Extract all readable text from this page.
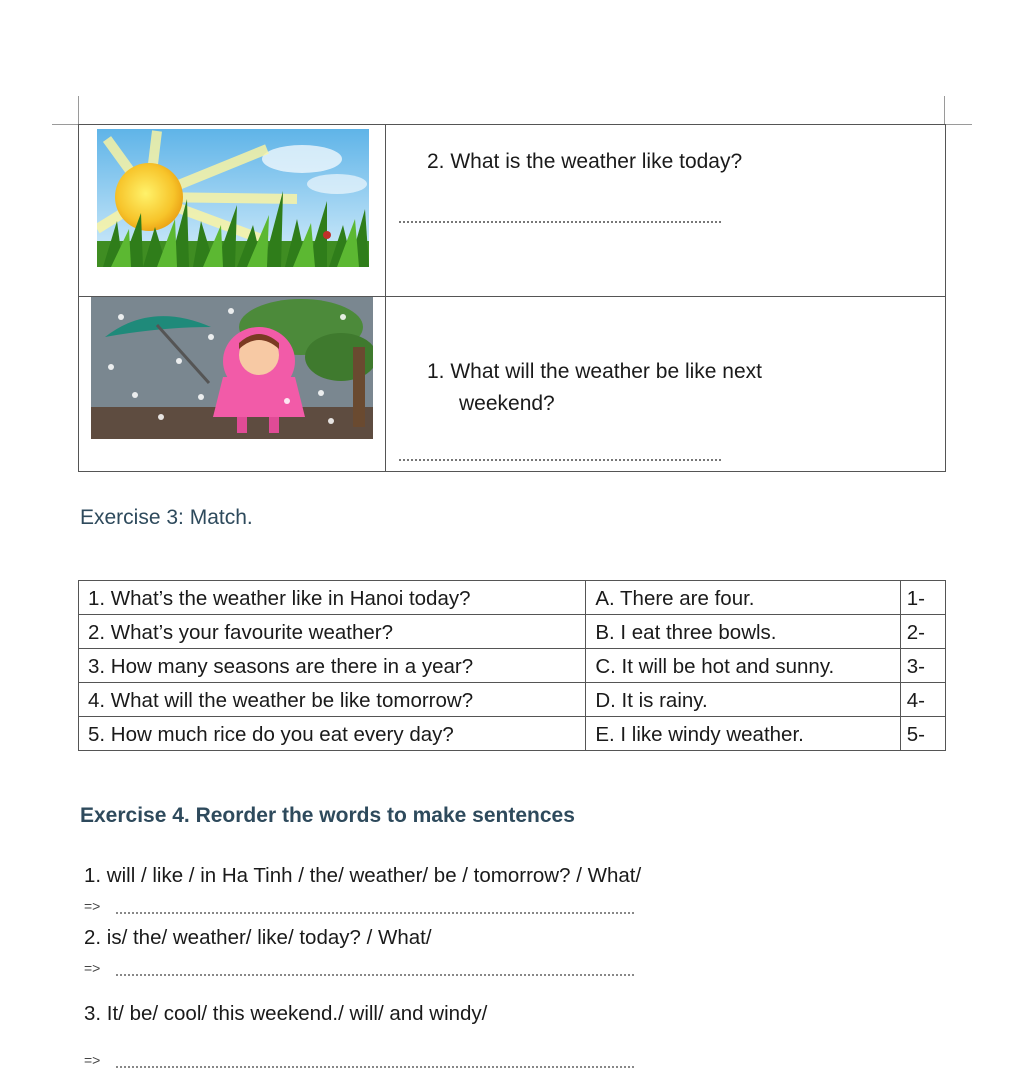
2. What is the weather like today?
1. What will the weather be like next
weekend?
Exercise 3: Match.
1. What’s the weather like in Hanoi today?	A. There are four.	1-
2. What’s your favourite weather?	B. I eat three bowls.	2-
3. How many seasons are there in a year?	C. It will be hot and sunny.	3-
4. What will the weather be like tomorrow?	D. It is rainy.	4-
5. How much rice do you eat every day?	E. I like windy weather.	5-
Exercise 4. Reorder the words to make sentences
1. will / like / in Ha Tinh / the/ weather/ be / tomorrow? / What/
=>
2. is/ the/ weather/ like/ today? / What/
=>
3. It/ be/ cool/ this weekend./ will/ and windy/
=>
